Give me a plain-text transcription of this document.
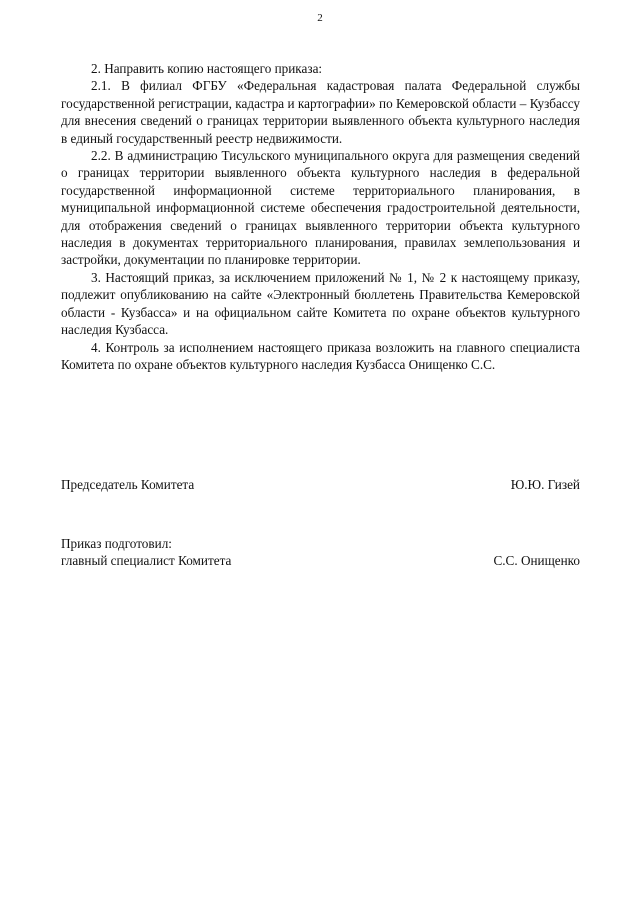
2

2. Направить копию настоящего приказа:

2.1. В филиал ФГБУ «Федеральная кадастровая палата Федеральной службы государственной регистрации, кадастра и картографии» по Кемеровской области – Кузбассу для внесения сведений о границах территории выявленного объекта культурного наследия в единый государственный реестр недвижимости.

2.2. В администрацию Тисульского муниципального округа для размещения сведений о границах территории выявленного объекта культурного наследия в федеральной государственной информационной системе территориального планирования, в муниципальной информационной системе обеспечения градостроительной деятельности, для отображения сведений о границах выявленного территории объекта культурного наследия в документах территориального планирования, правилах землепользования и застройки, документации по планировке территории.

3. Настоящий приказ, за исключением приложений № 1, № 2 к настоящему приказу, подлежит опубликованию на сайте «Электронный бюллетень Правительства Кемеровской области - Кузбасса» и на официальном сайте Комитета по охране объектов культурного наследия Кузбасса.

4. Контроль за исполнением настоящего приказа возложить на главного специалиста Комитета по охране объектов культурного наследия Кузбасса Онищенко С.С.

Председатель Комитета	Ю.Ю. Гизей
Приказ подготовил:
главный специалист Комитета	С.С. Онищенко
